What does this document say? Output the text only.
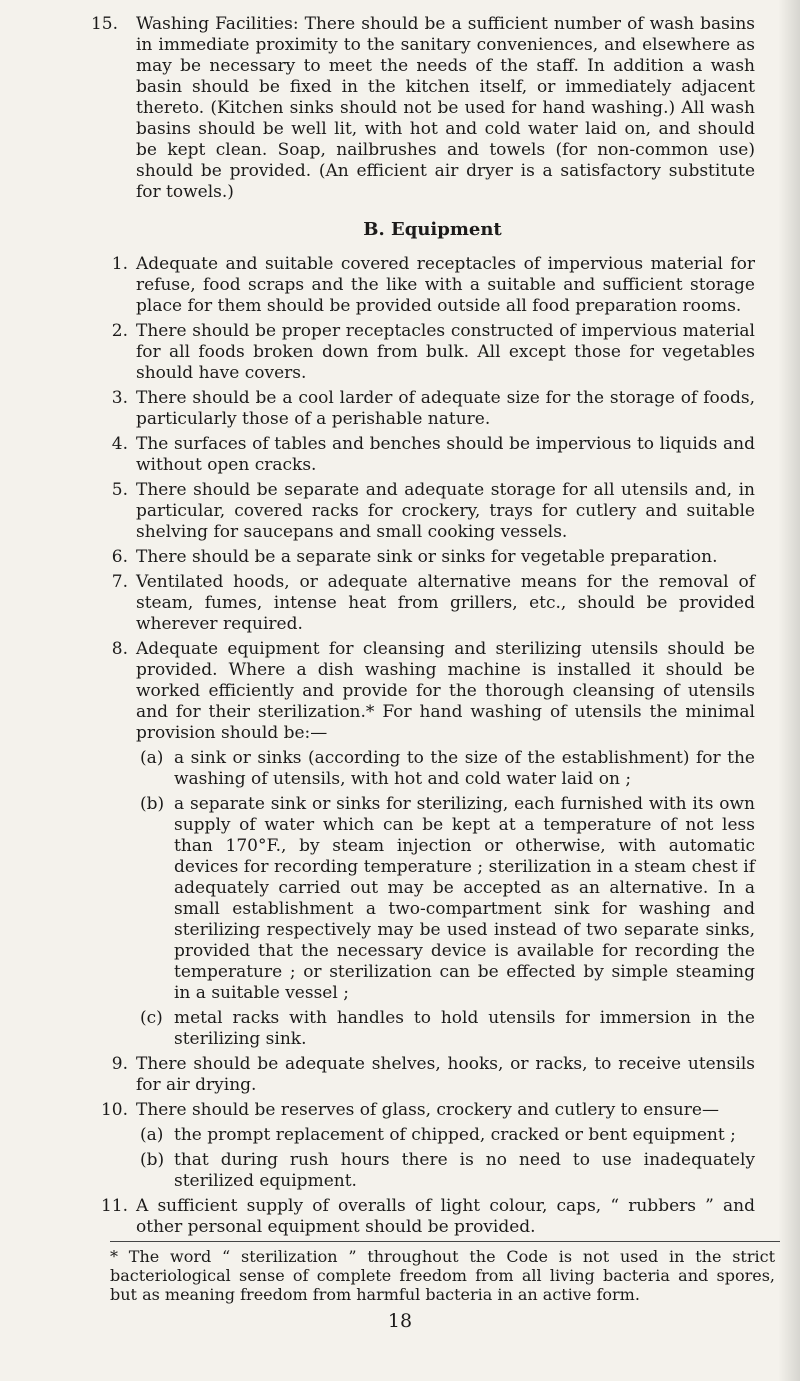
15. Washing Facilities: There should be a sufficient number of wash basins in immediate proximity to the sanitary conveniences, and elsewhere as may be necessary to meet the needs of the staff. In addition a wash basin should be fixed in the kitchen itself, or immediately adjacent thereto. (Kitchen sinks should not be used for hand washing.) All wash basins should be well lit, with hot and cold water laid on, and should be kept clean. Soap, nailbrushes and towels (for non-common use) should be provided. (An efficient air dryer is a satisfactory substitute for towels.)
B. Equipment
1. Adequate and suitable covered receptacles of impervious material for refuse, food scraps and the like with a suitable and sufficient storage place for them should be provided outside all food preparation rooms.
2. There should be proper receptacles constructed of impervious material for all foods broken down from bulk. All except those for vegetables should have covers.
3. There should be a cool larder of adequate size for the storage of foods, particularly those of a perishable nature.
4. The surfaces of tables and benches should be impervious to liquids and without open cracks.
5. There should be separate and adequate storage for all utensils and, in particular, covered racks for crockery, trays for cutlery and suitable shelving for saucepans and small cooking vessels.
6. There should be a separate sink or sinks for vegetable preparation.
7. Ventilated hoods, or adequate alternative means for the removal of steam, fumes, intense heat from grillers, etc., should be provided wherever required.
8. Adequate equipment for cleansing and sterilizing utensils should be provided. Where a dish washing machine is installed it should be worked efficiently and provide for the thorough cleansing of utensils and for their sterilization.* For hand washing of utensils the minimal provision should be:—
(a) a sink or sinks (according to the size of the establishment) for the washing of utensils, with hot and cold water laid on ;
(b) a separate sink or sinks for sterilizing, each furnished with its own supply of water which can be kept at a temperature of not less than 170°F., by steam injection or otherwise, with automatic devices for recording temperature ; sterilization in a steam chest if adequately carried out may be accepted as an alternative. In a small establishment a two-compartment sink for washing and sterilizing respectively may be used instead of two separate sinks, provided that the necessary device is available for recording the temperature ; or sterilization can be effected by simple steaming in a suitable vessel ;
(c) metal racks with handles to hold utensils for immersion in the sterilizing sink.
9. There should be adequate shelves, hooks, or racks, to receive utensils for air drying.
10. There should be reserves of glass, crockery and cutlery to ensure—
(a) the prompt replacement of chipped, cracked or bent equipment ;
(b) that during rush hours there is no need to use inadequately sterilized equipment.
11. A sufficient supply of overalls of light colour, caps, “ rubbers ” and other personal equipment should be provided.
* The word “ sterilization ” throughout the Code is not used in the strict bacteriological sense of complete freedom from all living bacteria and spores, but as meaning freedom from harmful bacteria in an active form.
18
